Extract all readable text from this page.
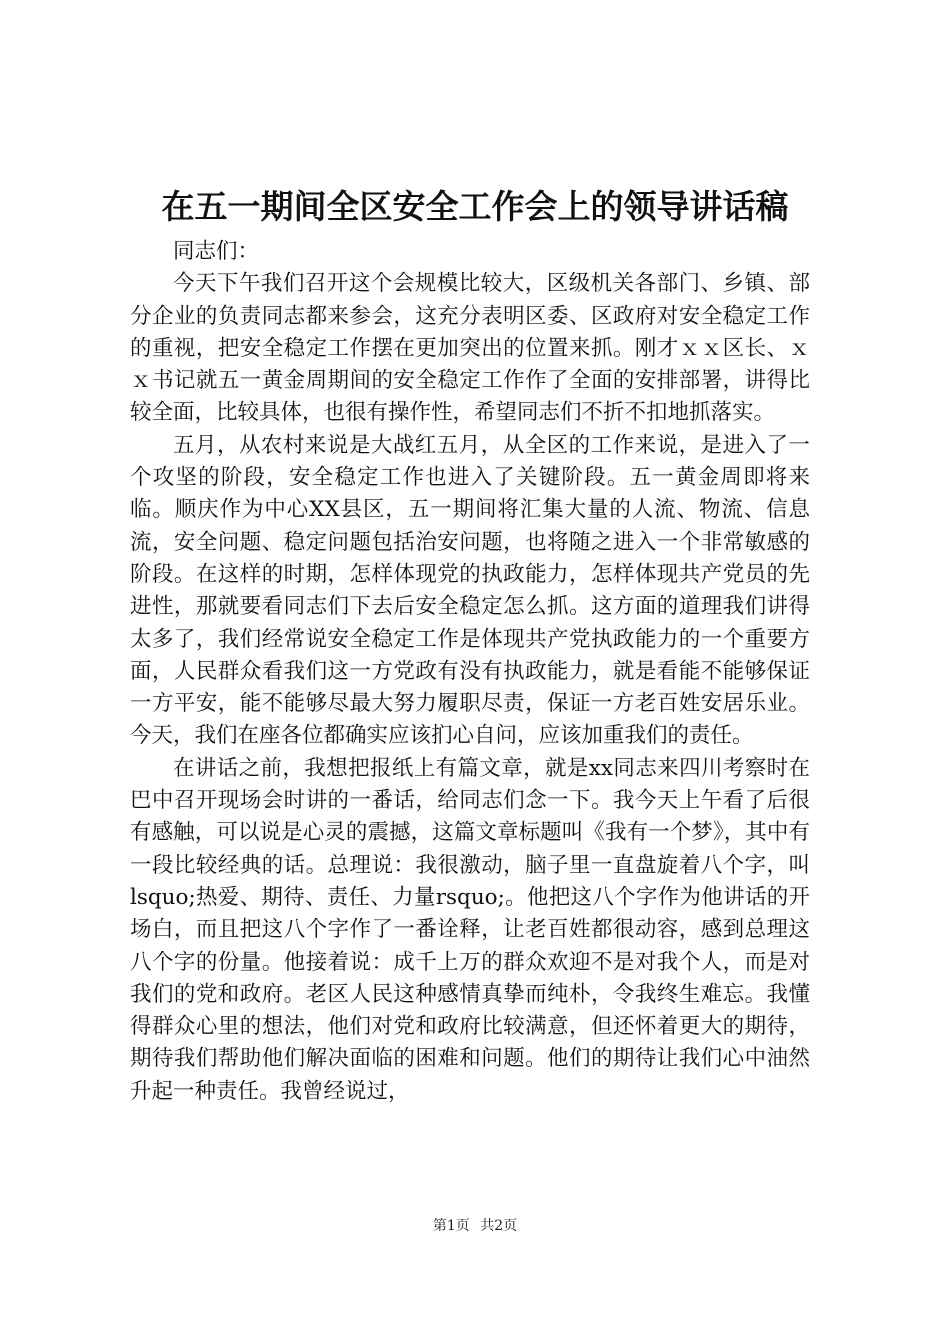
在五一期间全区安全工作会上的领导讲话稿

同志们：

今天下午我们召开这个会规模比较大，区级机关各部门、乡镇、部分企业的负责同志都来参会，这充分表明区委、区政府对安全稳定工作的重视，把安全稳定工作摆在更加突出的位置来抓。刚才ｘｘ区长、ｘｘ书记就五一黄金周期间的安全稳定工作作了全面的安排部署，讲得比较全面，比较具体，也很有操作性，希望同志们不折不扣地抓落实。

五月，从农村来说是大战红五月，从全区的工作来说，是进入了一个攻坚的阶段，安全稳定工作也进入了关键阶段。五一黄金周即将来临。顺庆作为中心XX县区，五一期间将汇集大量的人流、物流、信息流，安全问题、稳定问题包括治安问题，也将随之进入一个非常敏感的阶段。在这样的时期，怎样体现党的执政能力，怎样体现共产党员的先进性，那就要看同志们下去后安全稳定怎么抓。这方面的道理我们讲得太多了，我们经常说安全稳定工作是体现共产党执政能力的一个重要方面，人民群众看我们这一方党政有没有执政能力，就是看能不能够保证一方平安，能不能够尽最大努力履职尽责，保证一方老百姓安居乐业。今天，我们在座各位都确实应该扪心自问，应该加重我们的责任。

在讲话之前，我想把报纸上有篇文章，就是xx同志来四川考察时在巴中召开现场会时讲的一番话，给同志们念一下。我今天上午看了后很有感触，可以说是心灵的震撼，这篇文章标题叫《我有一个梦》，其中有一段比较经典的话。总理说：我很激动，脑子里一直盘旋着八个字，叫lsquo;热爱、期待、责任、力量rsquo;。他把这八个字作为他讲话的开场白，而且把这八个字作了一番诠释，让老百姓都很动容，感到总理这八个字的份量。他接着说：成千上万的群众欢迎不是对我个人，而是对我们的党和政府。老区人民这种感情真挚而纯朴，令我终生难忘。我懂得群众心里的想法，他们对党和政府比较满意，但还怀着更大的期待，期待我们帮助他们解决面临的困难和问题。他们的期待让我们心中油然升起一种责任。我曾经说过，

第1页 共2页
